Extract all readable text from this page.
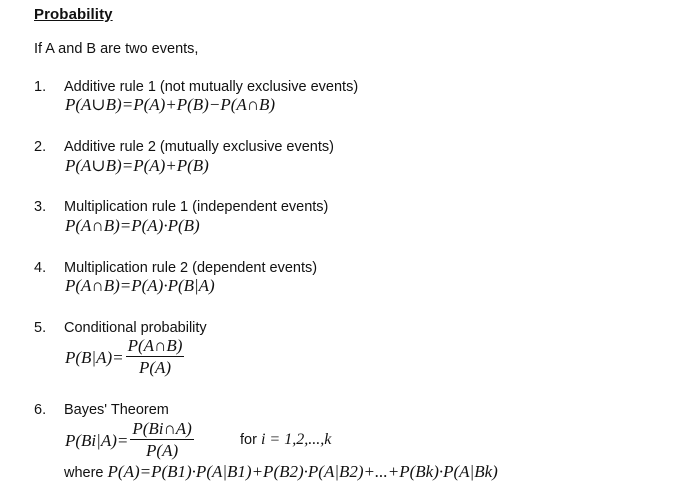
Probability
If A and B are two events,
1. Additive rule 1 (not mutually exclusive events)
P(A∪B)=P(A)+P(B)−P(A∩B)
2. Additive rule 2 (mutually exclusive events)
P(A∪B)=P(A)+P(B)
3. Multiplication rule 1 (independent events)
P(A∩B)=P(A)·P(B)
4. Multiplication rule 2 (dependent events)
P(A∩B)=P(A)·P(B|A)
5. Conditional probability
$P(B|A)= \frac{P(A\cap B)}{P(A)}$
6. Bayes' Theorem
$P(Bi|A)= \frac{P(Bi\cap A)}{P(A)}$	for i = 1,2,...,k
where P(A)=P(B1)·P(A|B1)+P(B2)·P(A|B2)+...+P(Bk)·P(A|Bk)
